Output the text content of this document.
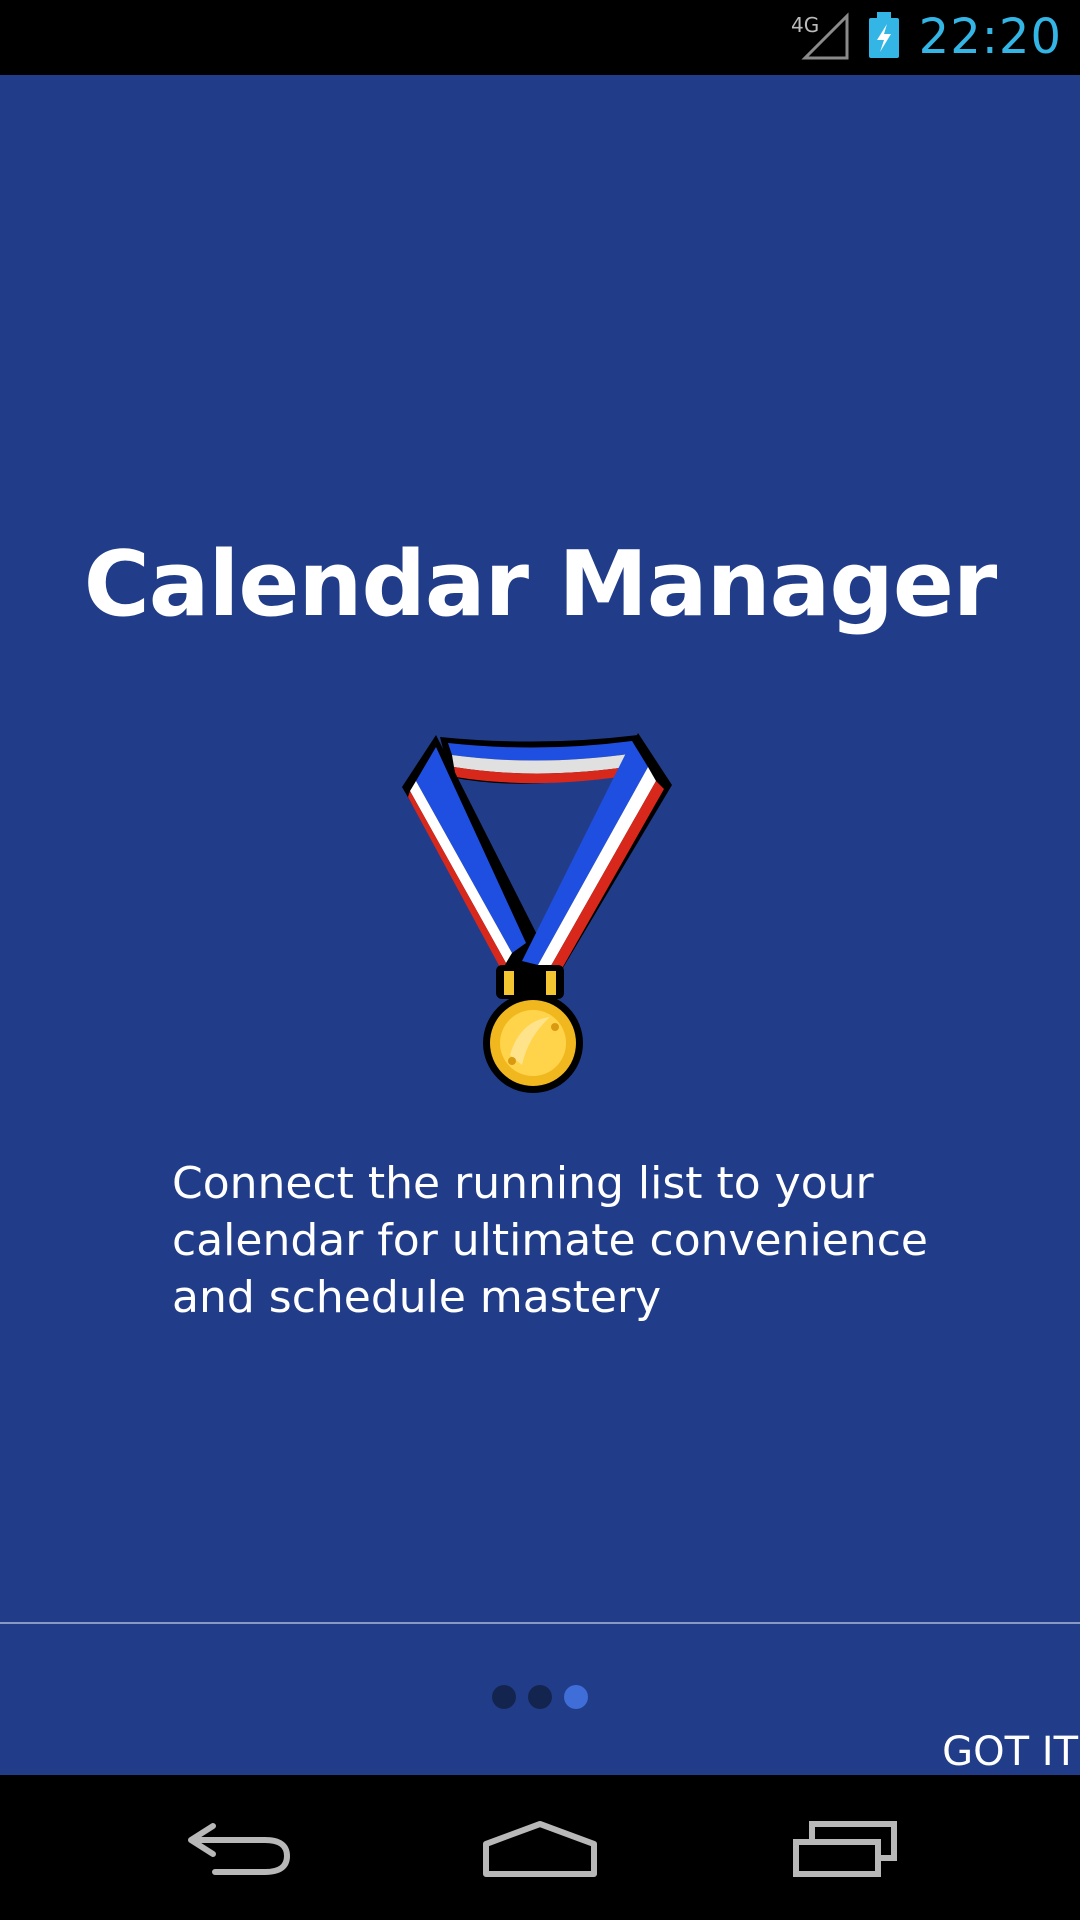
4G 22:20
Calendar Manager
Connect the running list to your calendar for ultimate convenience and schedule mastery
GOT IT
